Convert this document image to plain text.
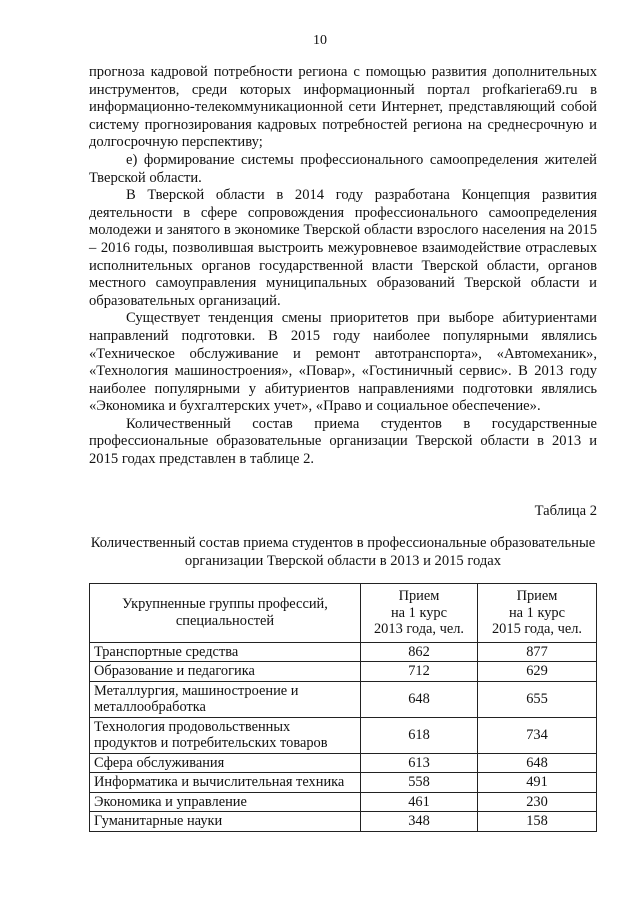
10

прогноза кадровой потребности региона с помощью развития дополнительных инструментов, среди которых информационный портал profkariera69.ru в информационно-телекоммуникационной сети Интернет, представляющий собой систему прогнозирования кадровых потребностей региона на среднесрочную и долгосрочную перспективу;

е) формирование системы профессионального самоопределения жителей Тверской области.

В Тверской области в 2014 году разработана Концепция развития деятельности в сфере сопровождения профессионального самоопределения молодежи и занятого в экономике Тверской области взрослого населения на 2015 – 2016 годы, позволившая выстроить межуровневое взаимодействие отраслевых исполнительных органов государственной власти Тверской области, органов местного самоуправления муниципальных образований Тверской области и образовательных организаций.

Существует тенденция смены приоритетов при выборе абитуриентами направлений подготовки. В 2015 году наиболее популярными являлись «Техническое обслуживание и ремонт автотранспорта», «Автомеханик», «Технология машиностроения», «Повар», «Гостиничный сервис». В 2013 году наиболее популярными у абитуриентов направлениями подготовки являлись «Экономика и бухгалтерских учет», «Право и социальное обеспечение».

Количественный состав приема студентов в государственные профессиональные образовательные организации Тверской области в 2013 и 2015 годах представлен в таблице 2.

Таблица 2
Количественный состав приема студентов в профессиональные образовательные организации Тверской области в 2013 и 2015 годах
Укрупненные группы профессий,
специальностей	Прием
на 1 курс
2013 года, чел.	Прием
на 1 курс
2015 года, чел.

Транспортные средства	862	877
Образование и педагогика	712	629
Металлургия, машиностроение и металлообработка	648	655
Технология продовольственных продуктов и потребительских товаров	618	734
Сфера обслуживания	613	648
Информатика и вычислительная техника	558	491
Экономика и управление	461	230
Гуманитарные науки	348	158
